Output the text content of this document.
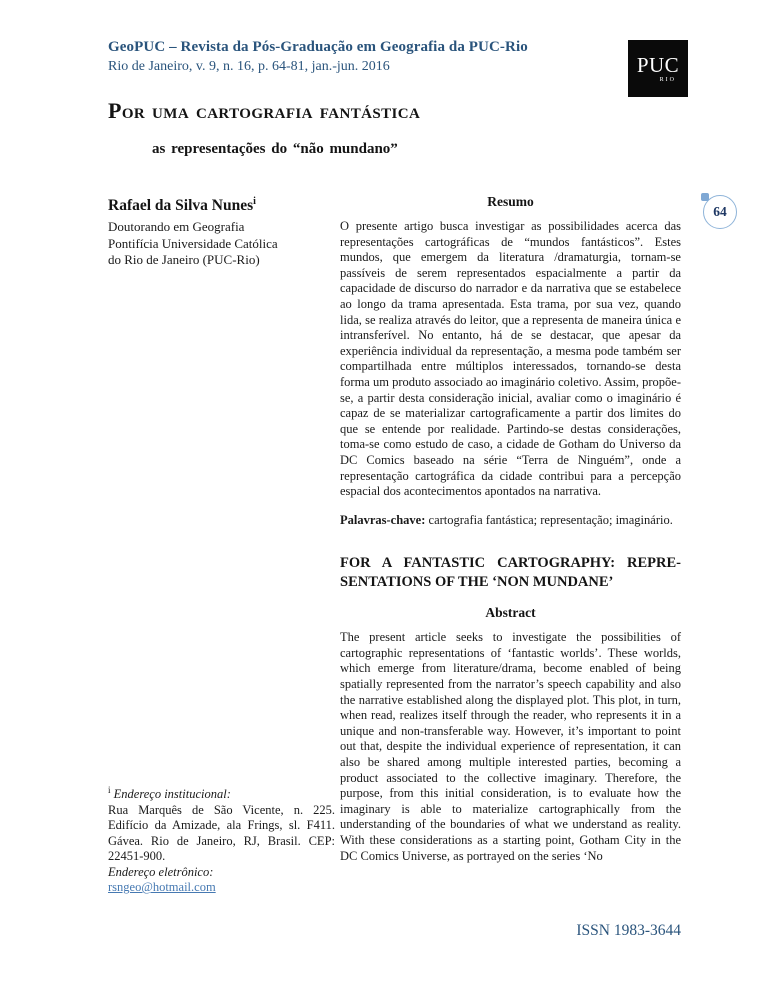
GeoPUC – Revista da Pós-Graduação em Geografia da PUC-Rio
Rio de Janeiro, v. 9, n. 16, p. 64-81, jan.-jun. 2016	PUC
RIO
Por uma cartografia fantástica
as representações do “não mundano”
64
Rafael da Silva Nunes$^i$
Doutorando em Geografia
Pontifícia Universidade Católica
do Rio de Janeiro (PUC-Rio)
Resumo

O presente artigo busca investigar as possibilidades acerca das representações cartográficas de “mundos fantásticos”. Estes mundos, que emergem da literatura /dramaturgia, tornam-se passíveis de serem representados espacialmente a partir da capacidade de discurso do narrador e da narrativa que se estabelece ao longo da trama apresentada. Esta trama, por sua vez, quando lida, se realiza através do leitor, que a representa de maneira única e intransferível. No entanto, há de se destacar, que apesar da experiência individual da representação, a mesma pode também ser compartilhada entre múltiplos interessados, tornando-se desta forma um produto associado ao imaginário coletivo. Assim, propõe-se, a partir desta consideração inicial, avaliar como o imaginário é capaz de se materializar cartograficamente a partir dos limites do que se entende por realidade. Partindo-se destas considerações, toma-se como estudo de caso, a cidade de Gotham do Universo da DC Comics baseado na série “Terra de Ninguém”, onde a representação cartográfica da cidade contribui para a percepção espacial dos acontecimentos apontados na narrativa.

Palavras-chave: cartografia fantástica; representação; imaginário.

FOR A FANTASTIC CARTOGRAPHY: REPRE-
SENTATIONS OF THE ‘NON MUNDANE’
Abstract

The present article seeks to investigate the possibilities of cartographic representations of ‘fantastic worlds’. These worlds, which emerge from literature/drama, become enabled of being spatially represented from the narrator’s speech capability and also the narrative established along the displayed plot. This plot, in turn, when read, realizes itself through the reader, who represents it in a unique and non-transferable way. However, it’s important to point out that, despite the individual experience of representation, it can also be shared among multiple interested parties, becoming a product associated to the collective imaginary. Therefore, the purpose, from this initial consideration, is to evaluate how the imaginary is able to materialize cartographically from the understanding of the boundaries of what we understand as reality. With these considerations as a starting point, Gotham City in the DC Comics Universe, as portrayed on the series ‘No

$^i$ Endereço institucional:
Rua Marquês de São Vicente, n. 225. Edifício da Amizade, ala Frings, sl. F411. Gávea. Rio de Janeiro, RJ, Brasil. CEP: 22451-900.
Endereço eletrônico:
rsngeo@hotmail.com
ISSN 1983-3644
